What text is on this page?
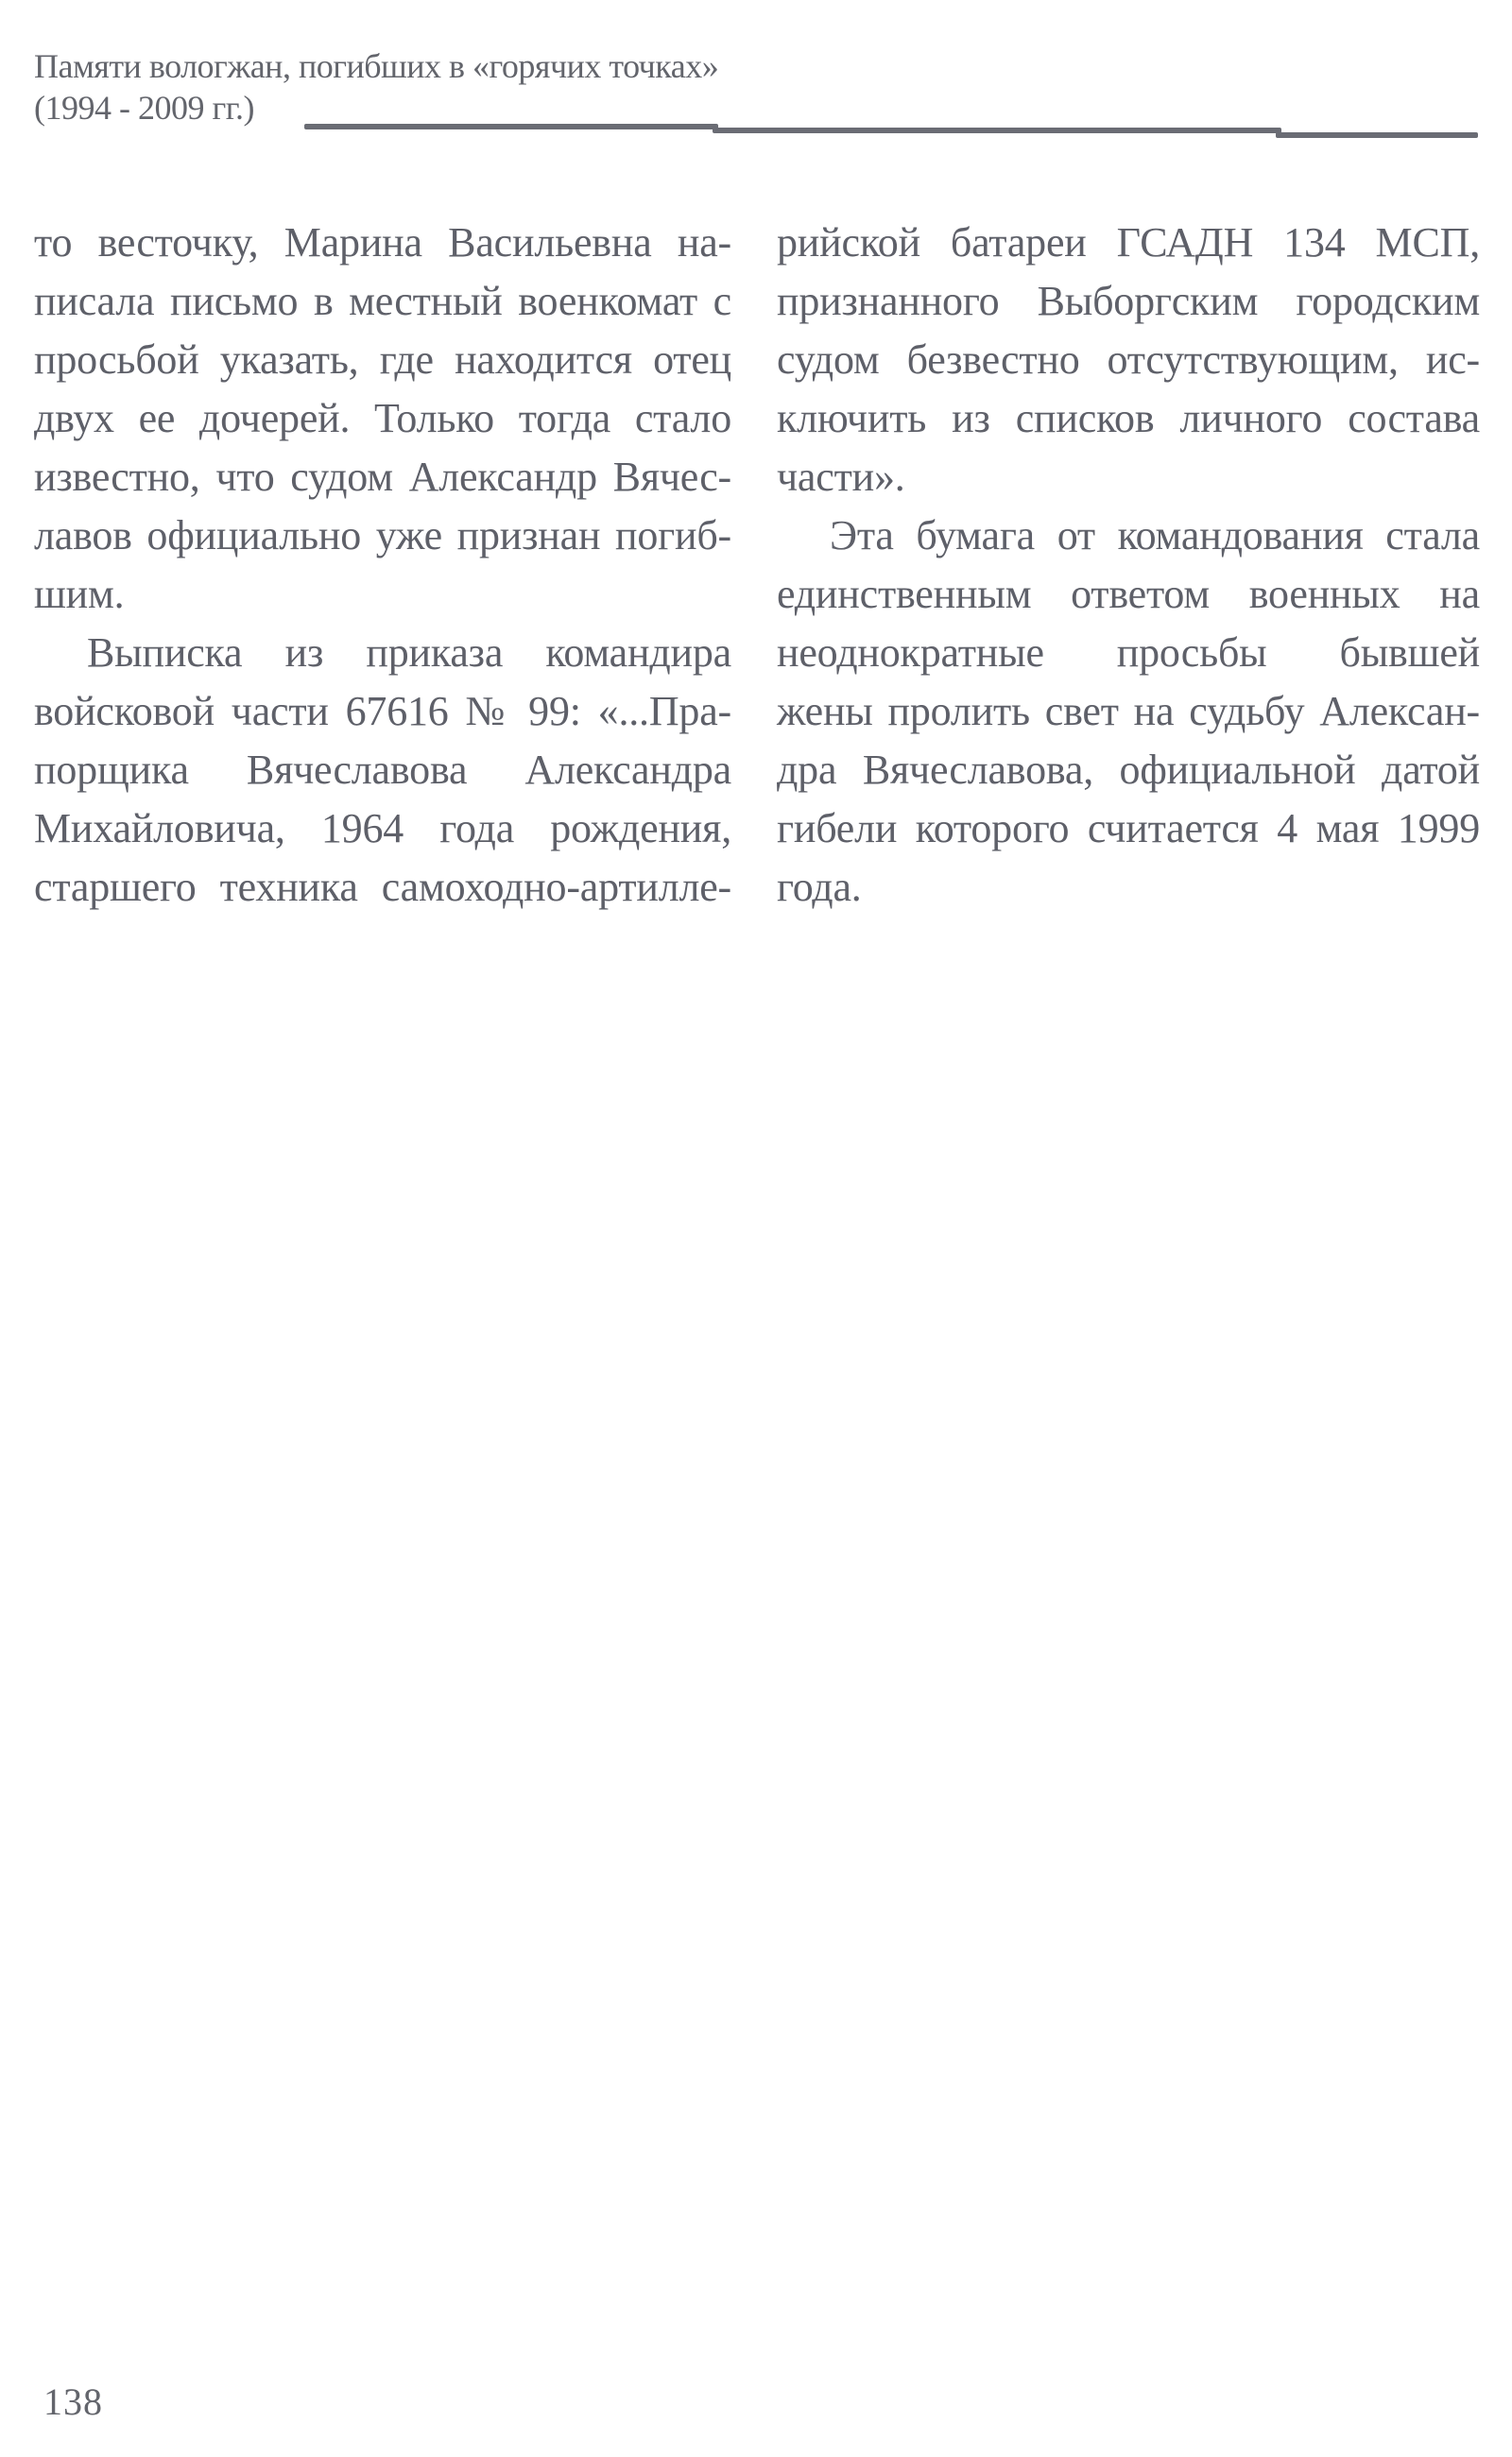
Памяти вологжан, погибших в «горячих точках»
(1994 - 2009 гг.)
то весточку, Марина Васильевна на-
писала письмо в местный военкомат с
просьбой указать, где находится отец
двух ее дочерей. Только тогда стало
известно, что судом Александр Вячес-
лавов официально уже признан погиб-
шим.
Выписка из приказа командира
войсковой части 67616 № 99: «...Пра-
порщика Вячеславова Александра
Михайловича, 1964 года рождения,
старшего техника самоходно-артилле-
рийской батареи ГСАДН 134 МСП,
признанного Выборгским городским
судом безвестно отсутствующим, ис-
ключить из списков личного состава
части».
Эта бумага от командования стала
единственным ответом военных на
неоднократные просьбы бывшей
жены пролить свет на судьбу Алексан-
дра Вячеславова, официальной датой
гибели которого считается 4 мая 1999
года.
138
